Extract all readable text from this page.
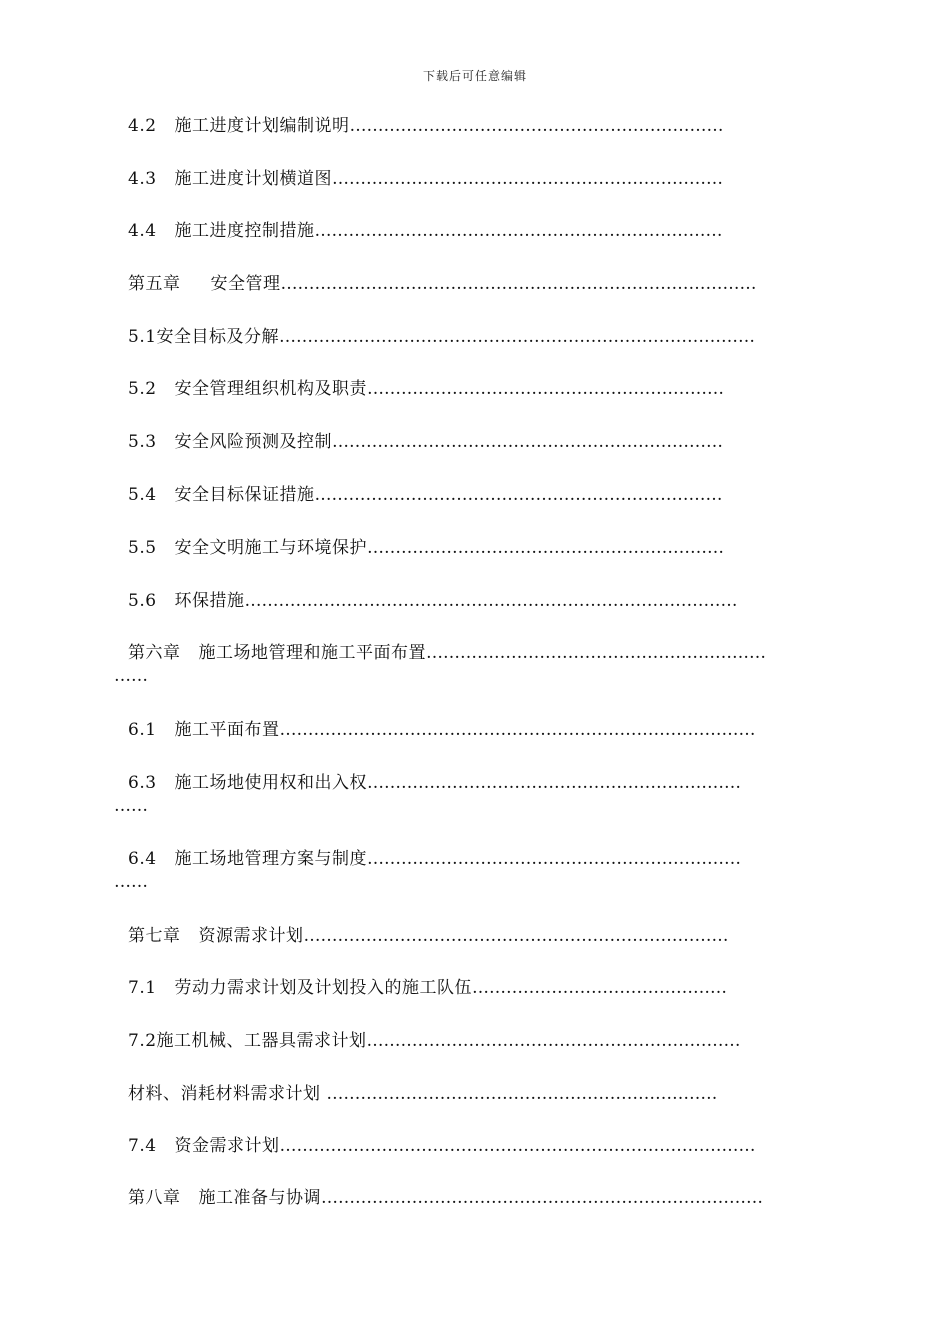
下载后可任意编辑
4.2 施工进度计划编制说明…………………………………………………………
4.3 施工进度计划横道图……………………………………………………………
4.4 施工进度控制措施………………………………………………………………
第五章 安全管理…………………………………………………………………………
5.1安全目标及分解…………………………………………………………………………
5.2 安全管理组织机构及职责………………………………………………………
5.3 安全风险预测及控制……………………………………………………………
5.4 安全目标保证措施………………………………………………………………
5.5 安全文明施工与环境保护………………………………………………………
5.6 环保措施……………………………………………………………………………
第六章 施工场地管理和施工平面布置……………………………………………………
……
6.1 施工平面布置…………………………………………………………………………
6.3 施工场地使用权和出入权…………………………………………………………
……
6.4 施工场地管理方案与制度…………………………………………………………
……
第七章 资源需求计划…………………………………………………………………
7.1 劳动力需求计划及计划投入的施工队伍………………………………………
7.2施工机械、工器具需求计划…………………………………………………………
材料、消耗材料需求计划 ……………………………………………………………
7.4 资金需求计划…………………………………………………………………………
第八章 施工准备与协调……………………………………………………………………
